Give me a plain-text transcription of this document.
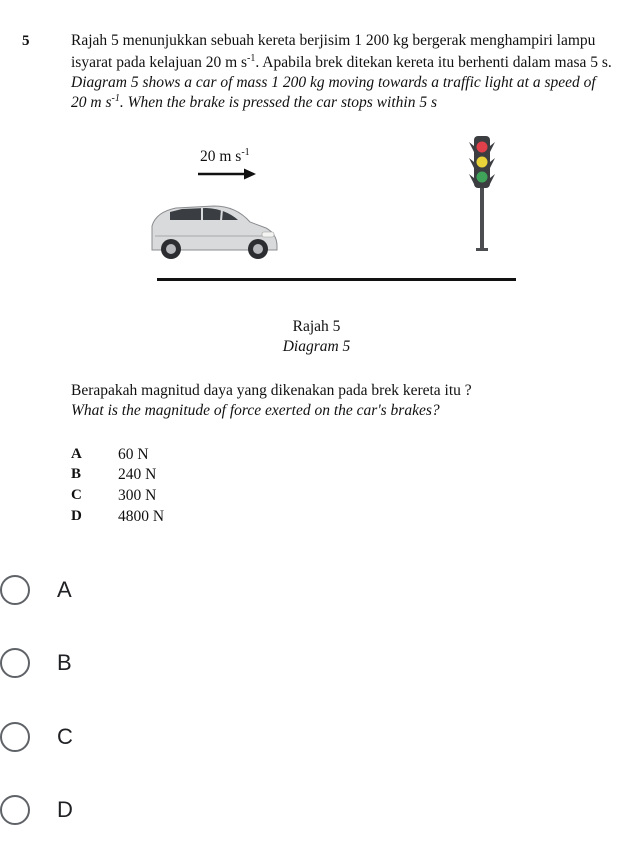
5	Rajah 5 menunjukkan sebuah kereta berjisim 1 200 kg bergerak menghampiri lampu
isyarat pada kelajuan 20 m $s^{-1}$. Apabila brek ditekan kereta itu berhenti dalam masa 5 s.
Diagram 5 shows a car of mass 1 200 kg moving towards a traffic light at a speed of
20 m $s^{-1}$. When the brake is pressed the car stops within 5 s
20 m $s^{-1}$
Rajah 5
Diagram 5
Berapakah magnitud daya yang dikenakan pada brek kereta itu ?
What is the magnitude of force exerted on the car's brakes?
A 60 N
B 240 N
C 300 N
D 4800 N
A
B
C
D
